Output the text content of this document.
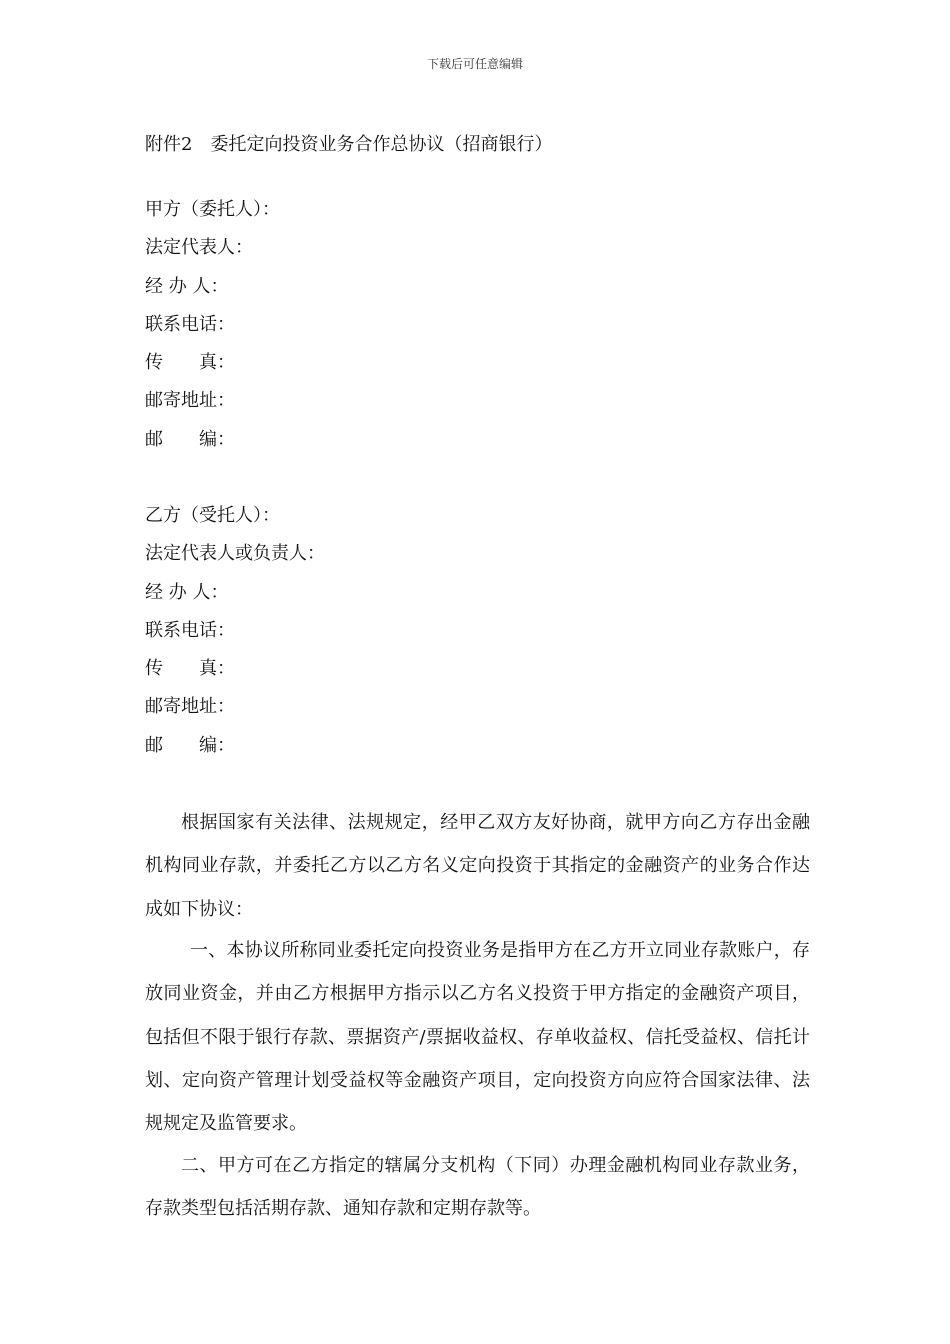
下载后可任意编辑
附件2　委托定向投资业务合作总协议（招商银行）
甲方（委托人）：
法定代表人：
经 办 人：
联系电话：
传　　真：
邮寄地址：
邮　　编：
乙方（受托人）：
法定代表人或负责人：
经 办 人：
联系电话：
传　　真：
邮寄地址：
邮　　编：

根据国家有关法律、法规规定，经甲乙双方友好协商，就甲方向乙方存出金融机构同业存款，并委托乙方以乙方名义定向投资于其指定的金融资产的业务合作达成如下协议：

一、本协议所称同业委托定向投资业务是指甲方在乙方开立同业存款账户，存放同业资金，并由乙方根据甲方指示以乙方名义投资于甲方指定的金融资产项目，包括但不限于银行存款、票据资产/票据收益权、存单收益权、信托受益权、信托计划、定向资产管理计划受益权等金融资产项目，定向投资方向应符合国家法律、法规规定及监管要求。

二、甲方可在乙方指定的辖属分支机构（下同）办理金融机构同业存款业务，存款类型包括活期存款、通知存款和定期存款等。
